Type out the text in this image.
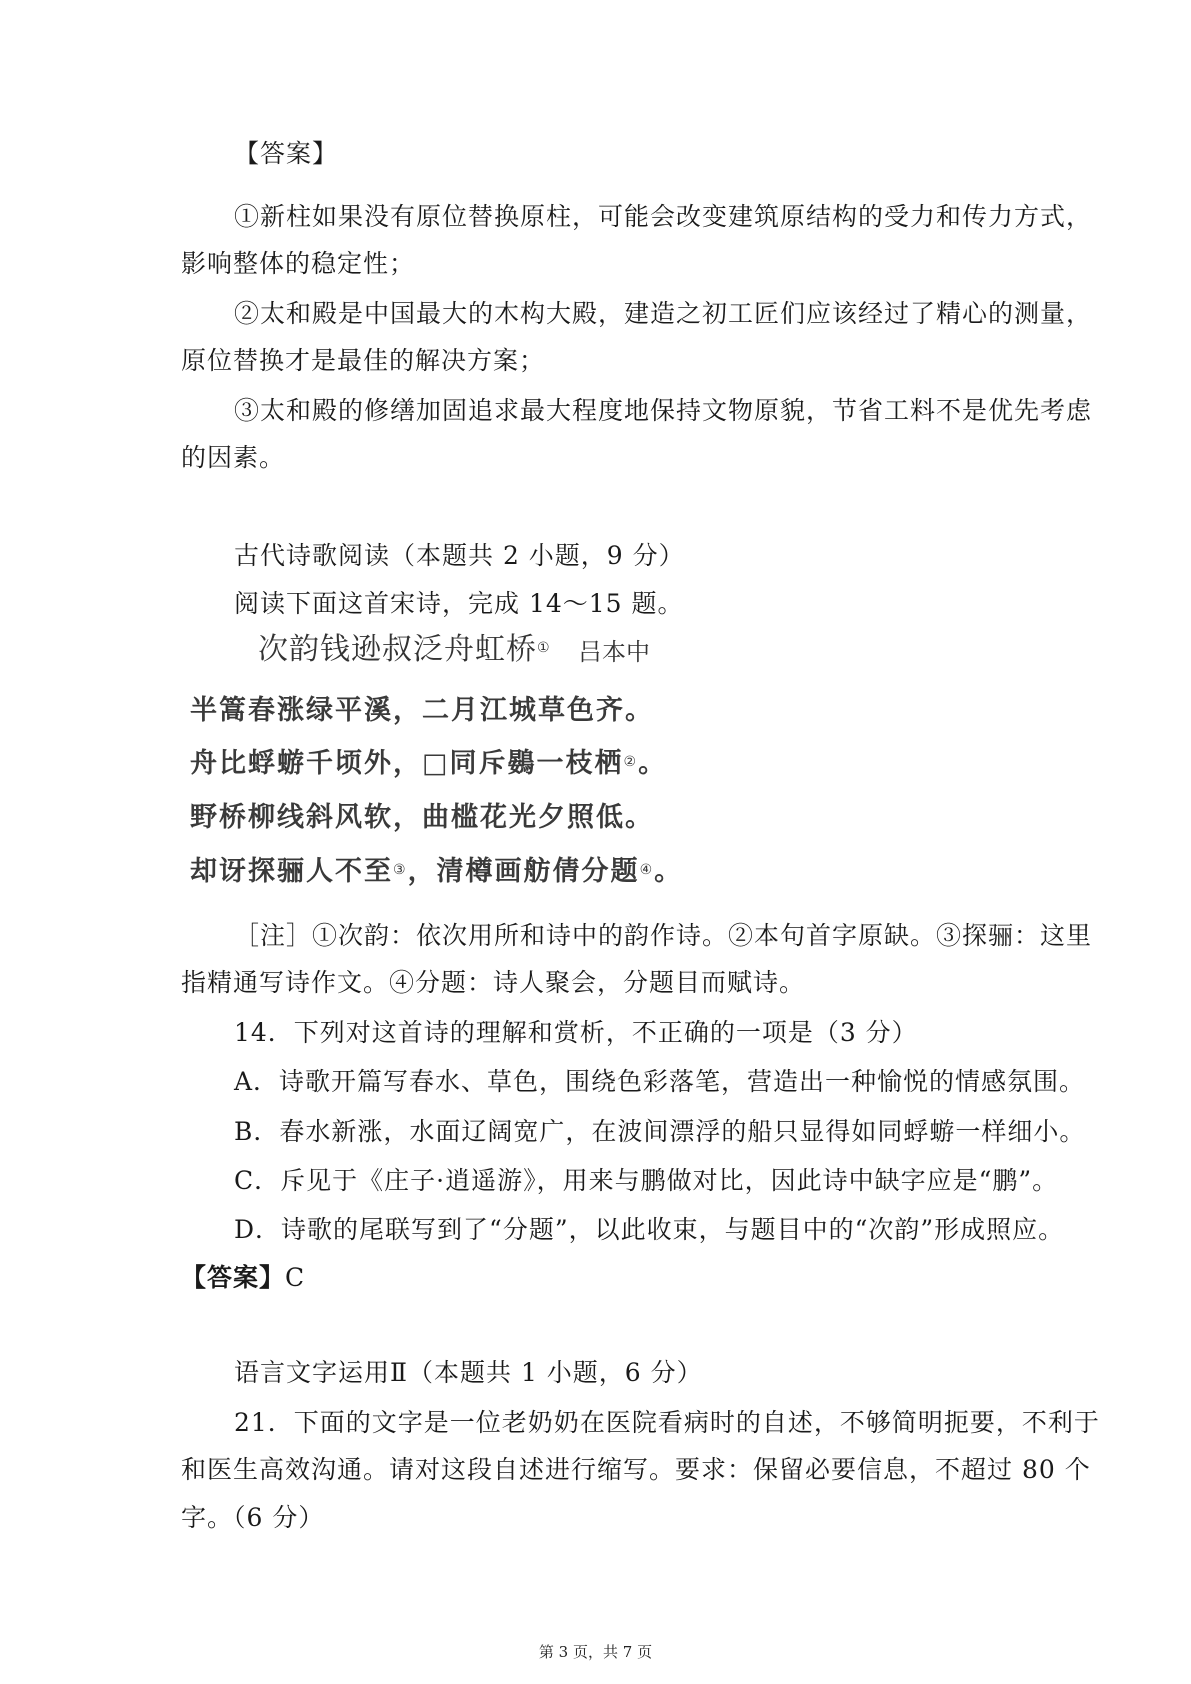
【答案】
①新柱如果没有原位替换原柱，可能会改变建筑原结构的受力和传力方式，
影响整体的稳定性；
②太和殿是中国最大的木构大殿，建造之初工匠们应该经过了精心的测量，
原位替换才是最佳的解决方案；
③太和殿的修缮加固追求最大程度地保持文物原貌，节省工料不是优先考虑
的因素。
古代诗歌阅读（本题共 2 小题，9 分）
阅读下面这首宋诗，完成 14～15 题。
次韵钱逊叔泛舟虹桥① 吕本中
半篙春涨绿平溪，二月江城草色齐。
舟比蜉蝣千顷外，□同斥鷃一枝栖②。
野桥柳线斜风软，曲槛花光夕照低。
却讶探骊人不至③，清樽画舫倩分题④。
［注］①次韵：依次用所和诗中的韵作诗。②本句首字原缺。③探骊：这里
指精通写诗作文。④分题：诗人聚会，分题目而赋诗。
14．下列对这首诗的理解和赏析，不正确的一项是（3 分）
A．诗歌开篇写春水、草色，围绕色彩落笔，营造出一种愉悦的情感氛围。
B．春水新涨，水面辽阔宽广，在波间漂浮的船只显得如同蜉蝣一样细小。
C．斥见于《庄子·逍遥游》，用来与鹏做对比，因此诗中缺字应是“鹏”。
D．诗歌的尾联写到了“分题”，以此收束，与题目中的“次韵”形成照应。
【答案】C
语言文字运用Ⅱ（本题共 1 小题，6 分）
21．下面的文字是一位老奶奶在医院看病时的自述，不够简明扼要，不利于
和医生高效沟通。请对这段自述进行缩写。要求：保留必要信息，不超过 80 个
字。（6 分）
第 3 页，共 7 页
